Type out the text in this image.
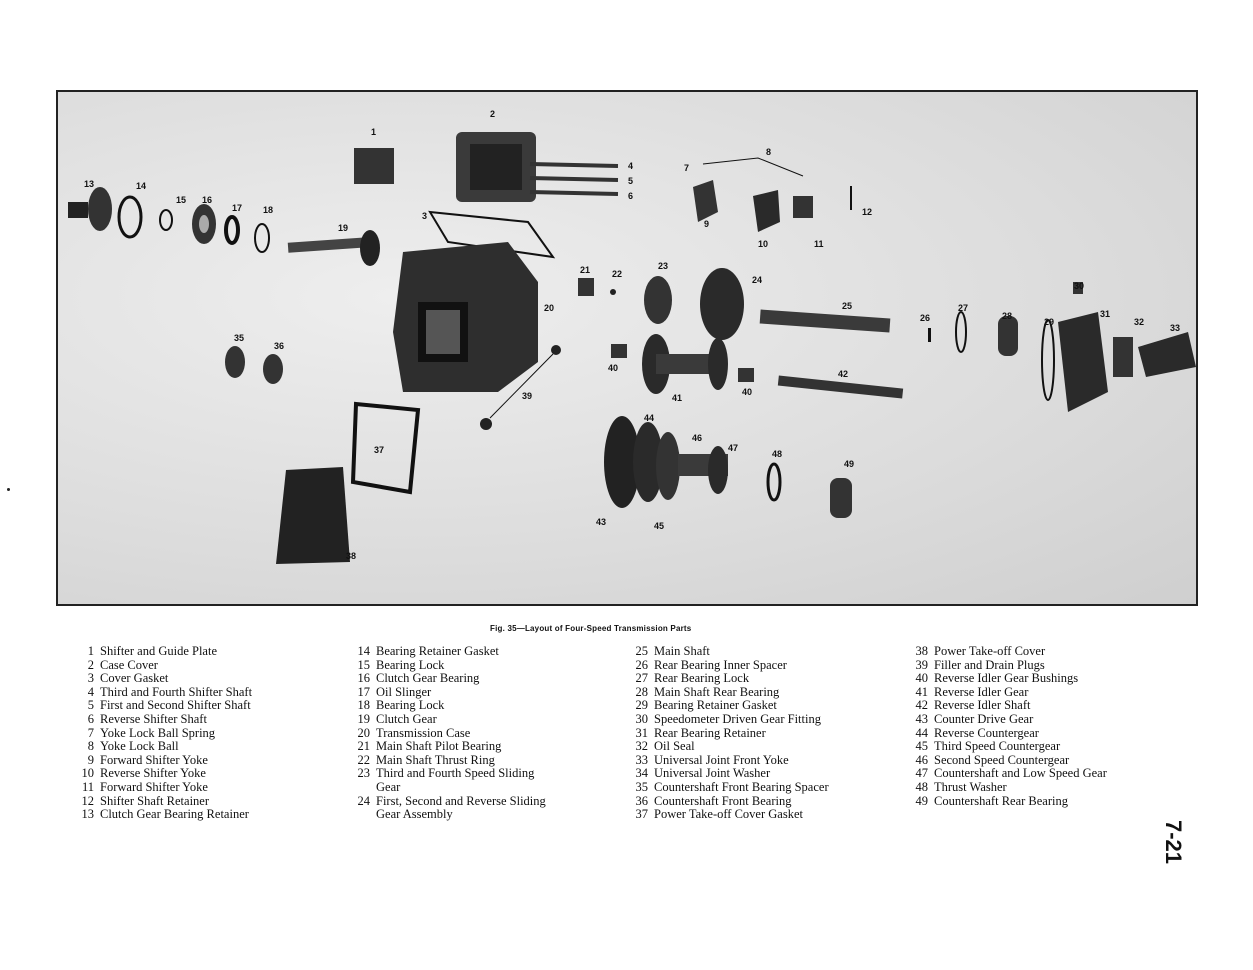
2
1
4
5
6
7
8
9
10	11
12
13	14
15 16
17 18
3
19
20
21 22
23
24
25
26
27
28
29
30
31
32
33
35
36
37
38
39
40
40
41
42
43
44
45
46
47
48
49
Fig. 35—Layout of Four-Speed Transmission Parts
1 Shifter and Guide Plate
2 Case Cover
3 Cover Gasket
4 Third and Fourth Shifter Shaft
5 First and Second Shifter Shaft
6 Reverse Shifter Shaft
7 Yoke Lock Ball Spring
8 Yoke Lock Ball
9 Forward Shifter Yoke
10 Reverse Shifter Yoke
11 Forward Shifter Yoke
12 Shifter Shaft Retainer
13 Clutch Gear Bearing Retainer
14 Bearing Retainer Gasket
15 Bearing Lock
16 Clutch Gear Bearing
17 Oil Slinger
18 Bearing Lock
19 Clutch Gear
20 Transmission Case
21 Main Shaft Pilot Bearing
22 Main Shaft Thrust Ring
23 Third and Fourth Speed Sliding
Gear
24 First, Second and Reverse Sliding
Gear Assembly
25 Main Shaft
26 Rear Bearing Inner Spacer
27 Rear Bearing Lock
28 Main Shaft Rear Bearing
29 Bearing Retainer Gasket
30 Speedometer Driven Gear Fitting
31 Rear Bearing Retainer
32 Oil Seal
33 Universal Joint Front Yoke
34 Universal Joint Washer
35 Countershaft Front Bearing Spacer
36 Countershaft Front Bearing
37 Power Take-off Cover Gasket
38 Power Take-off Cover
39 Filler and Drain Plugs
40 Reverse Idler Gear Bushings
41 Reverse Idler Gear
42 Reverse Idler Shaft
43 Counter Drive Gear
44 Reverse Countergear
45 Third Speed Countergear
46 Second Speed Countergear
47 Countershaft and Low Speed Gear
48 Thrust Washer
49 Countershaft Rear Bearing
7-21
